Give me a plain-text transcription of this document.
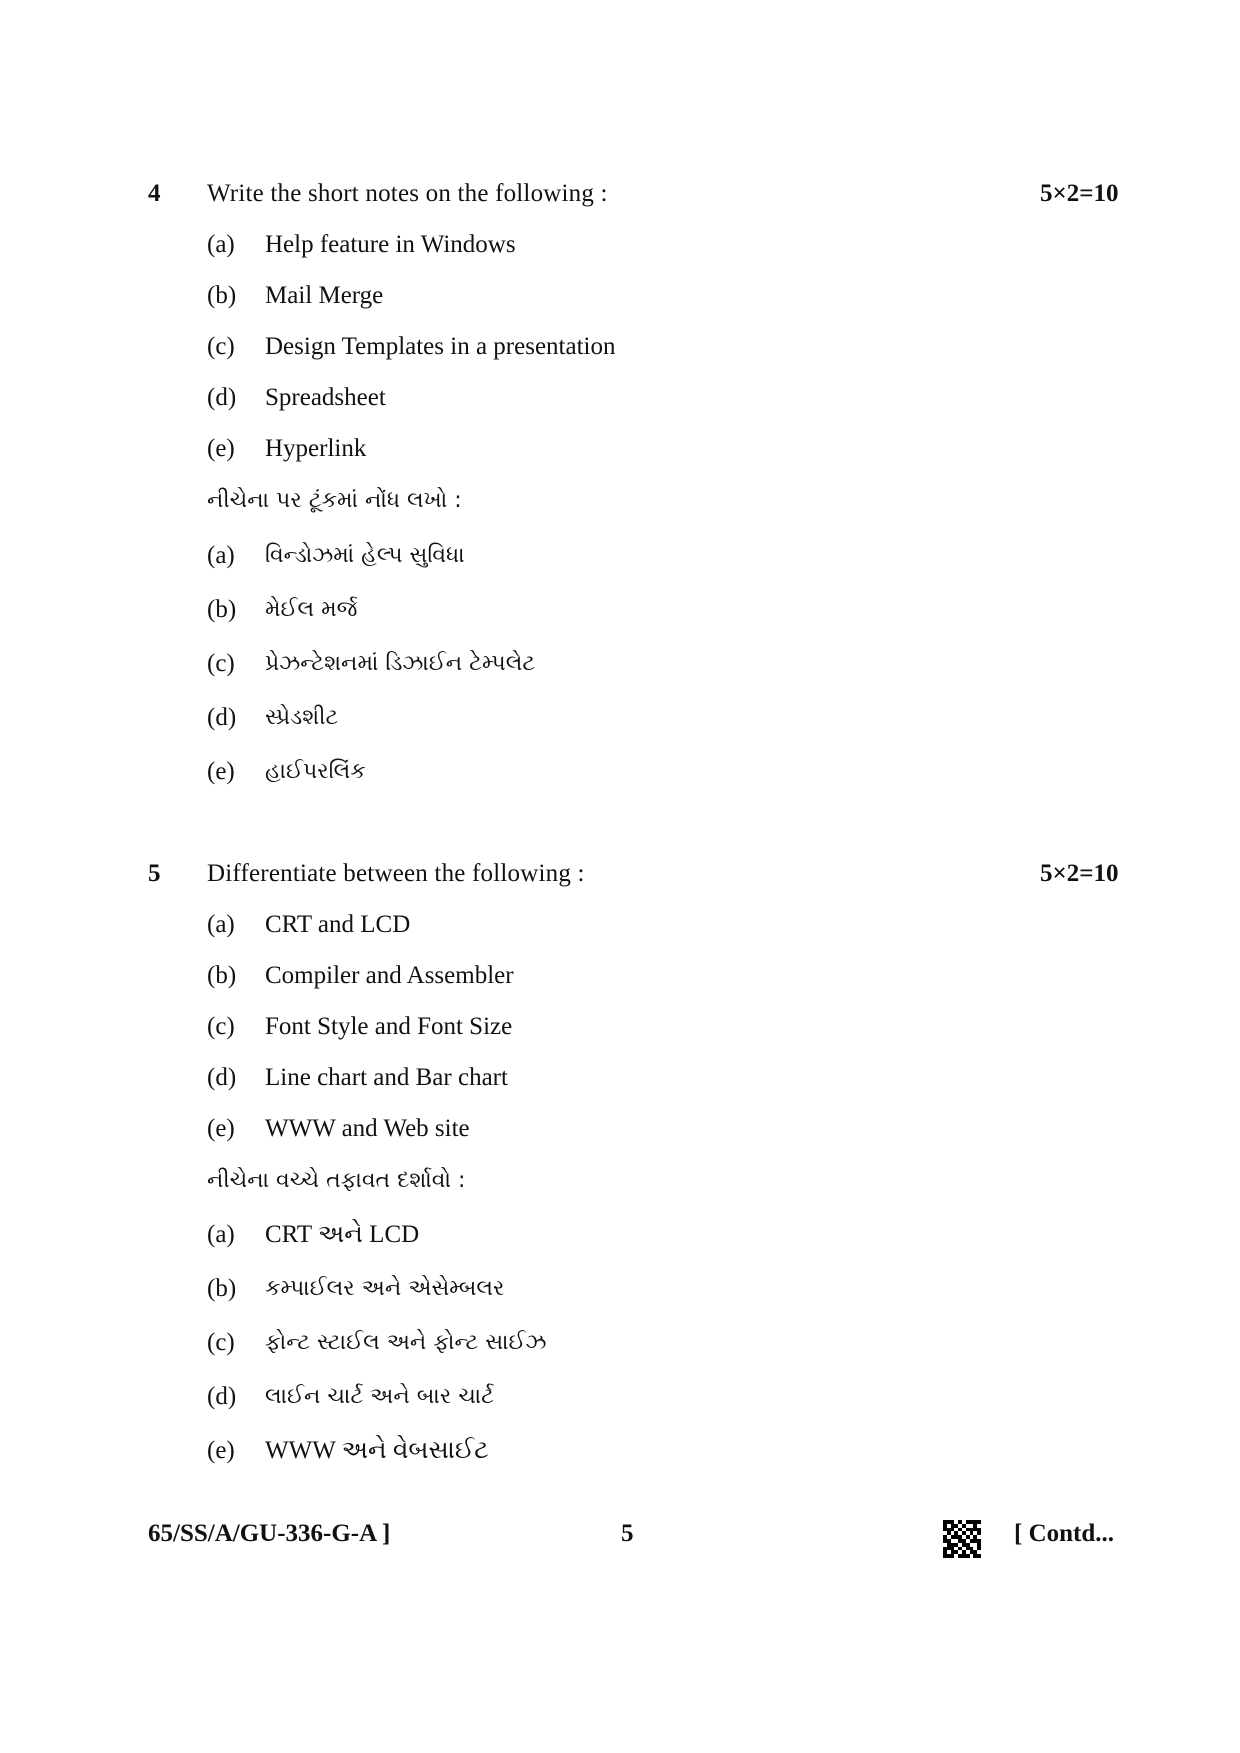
4 Write the short notes on the following :	5×2=10
(a) Help feature in Windows
(b) Mail Merge
(c) Design Templates in a presentation
(d) Spreadsheet
(e) Hyperlink
નીચેના પર ટૂંકમાં નોંધ લખો :
(a) વિન્ડોઝમાં હેલ્પ સુવિધા
(b) મેઈલ મર્જ
(c) પ્રેઝન્ટેશનમાં ડિઝાઈન ટેમ્પલેટ
(d) સ્પ્રેડશીટ
(e) હાઈપરલિંક
5 Differentiate between the following :	5×2=10
(a) CRT and LCD
(b) Compiler and Assembler
(c) Font Style and Font Size
(d) Line chart and Bar chart
(e) WWW and Web site
નીચેના વચ્ચે તફાવત દર્શાવો :
(a) CRT અને LCD
(b) કમ્પાઈલર અને એસેમ્બલર
(c) ફોન્ટ સ્ટાઈલ અને ફોન્ટ સાઈઝ
(d) લાઈન ચાર્ટ અને બાર ચાર્ટ
(e) WWW અને વેબસાઈટ
65/SS/A/GU-336-G-A ]	5	[ Contd...
